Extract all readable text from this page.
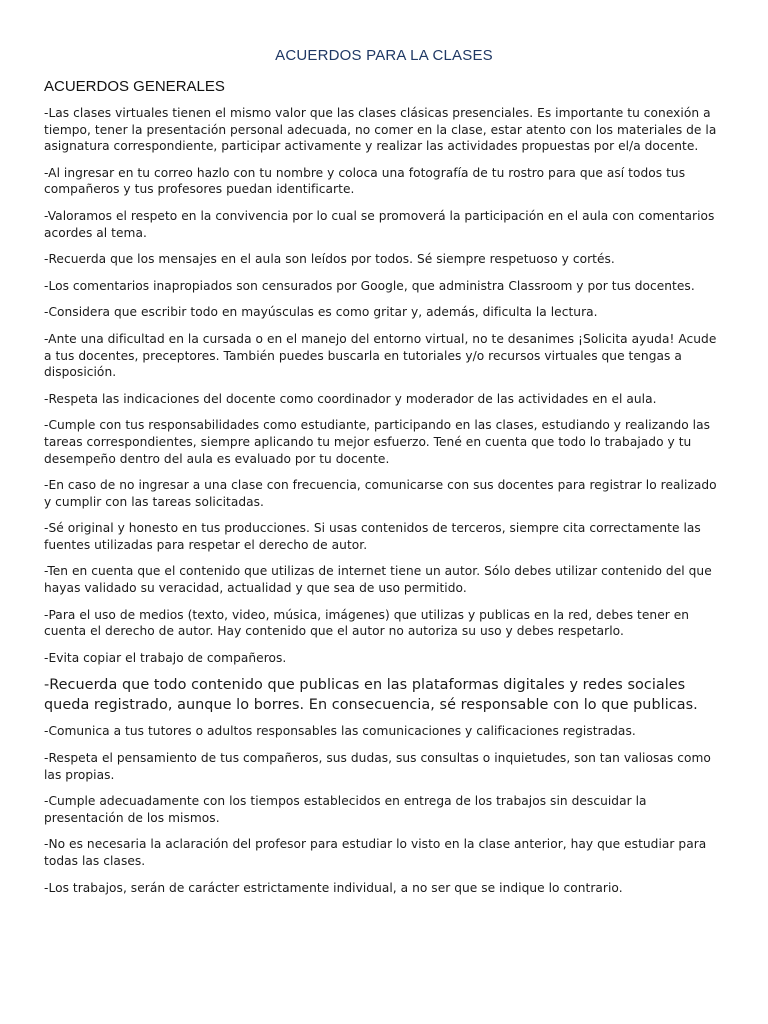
ACUERDOS PARA LA CLASES
ACUERDOS GENERALES
-Las clases virtuales tienen el mismo valor que las clases clásicas presenciales. Es importante tu conexión a tiempo, tener la presentación personal adecuada, no comer en la clase, estar atento con los materiales de la asignatura correspondiente, participar activamente y realizar las actividades propuestas por el/a docente.
-Al ingresar en tu correo hazlo con tu nombre y coloca una fotografía de tu rostro para que así todos tus compañeros y tus profesores puedan identificarte.
-Valoramos el respeto en la convivencia por lo cual se promoverá la participación en el aula con comentarios acordes al tema.
-Recuerda que los mensajes en el aula son leídos por todos. Sé siempre respetuoso y cortés.
-Los comentarios inapropiados son censurados por Google, que administra Classroom y por tus docentes.
-Considera que escribir todo en mayúsculas es como gritar y, además, dificulta la lectura.
-Ante una dificultad en la cursada o en el manejo del entorno virtual, no te desanimes ¡Solicita ayuda! Acude a tus docentes, preceptores. También puedes buscarla en tutoriales y/o recursos virtuales que tengas a disposición.
-Respeta las indicaciones del docente como coordinador y moderador de las actividades en el aula.
-Cumple con tus responsabilidades como estudiante, participando en las clases, estudiando y realizando las tareas correspondientes, siempre aplicando tu mejor esfuerzo. Tené en cuenta que todo lo trabajado y tu desempeño dentro del aula es evaluado por tu docente.
-En caso de no ingresar a una clase con frecuencia, comunicarse con sus docentes para registrar lo realizado y cumplir con las tareas solicitadas.
-Sé original y honesto en tus producciones. Si usas contenidos de terceros, siempre cita correctamente las fuentes utilizadas para respetar el derecho de autor.
-Ten en cuenta que el contenido que utilizas de internet tiene un autor. Sólo debes utilizar contenido del que hayas validado su veracidad, actualidad y que sea de uso permitido.
-Para el uso de medios (texto, video, música, imágenes) que utilizas y publicas en la red, debes tener en cuenta el derecho de autor. Hay contenido que el autor no autoriza su uso y debes respetarlo.
-Evita copiar el trabajo de compañeros.
-Recuerda que todo contenido que publicas en las plataformas digitales y redes sociales queda registrado, aunque lo borres. En consecuencia, sé responsable con lo que publicas.
-Comunica a tus tutores o adultos responsables las comunicaciones y calificaciones registradas.
-Respeta el pensamiento de tus compañeros, sus dudas, sus consultas o inquietudes, son tan valiosas como las propias.
-Cumple adecuadamente con los tiempos establecidos en entrega de los trabajos sin descuidar la presentación de los mismos.
-No es necesaria la aclaración del profesor para estudiar lo visto en la clase anterior, hay que estudiar para todas las clases.
-Los trabajos, serán de carácter estrictamente individual, a no ser que se indique lo contrario.
